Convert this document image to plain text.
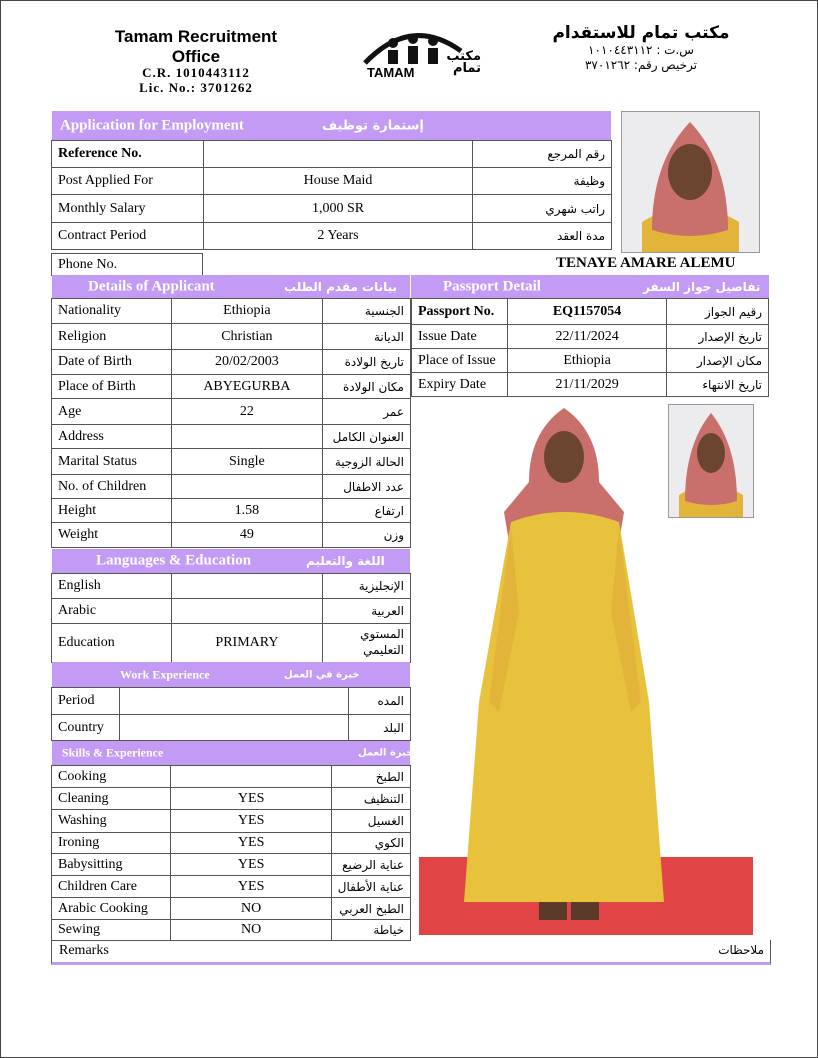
Tamam Recruitment Office
C.R. 1010443112
Lic. No.: 3701262
TAMAM
مكتب تمام
مكتب تمام للاستقدام
س.ت : ١٠١٠٤٤٣١١٢
ترخيص رقم: ٣٧٠١٢٦٢
Application for Employment	إستمارة توظيف
Reference No.		رقم المرجع
Post Applied For	House Maid	وظيفة
Monthly Salary	1,000 SR	راتب شهري
Contract Period	2 Years	مدة العقد
Phone No.	TENAYE AMARE ALEMU
Details of Applicant	بيانات مقدم الطلب
Nationality	Ethiopia	الجنسية
Religion	Christian	الديانة
Date of Birth	20/02/2003	تاريخ الولادة
Place of Birth	ABYEGURBA	مكان الولادة
Age	22	عمر
Address		العنوان الكامل
Marital Status	Single	الحالة الزوجية
No. of Children		عدد الاطفال
Height	1.58	ارتفاع
Weight	49	وزن
Passport Detail	تفاصيل جواز السفر
Passport No.	EQ1157054	رقيم الجواز
Issue Date	22/11/2024	تاريخ الإصدار
Place of Issue	Ethiopia	مكان الإصدار
Expiry Date	21/11/2029	تاريخ الانتهاء
Languages & Education	اللغة والتعليم
English		الإنجليزية
Arabic		العربية
Education	PRIMARY	المستوي التعليمي
Work Experience	خبرة في العمل
Period		المده
Country		البلد
Skills & Experience	خبرة العمل
Cooking		الطبخ
Cleaning	YES	التنظيف
Washing	YES	الغسيل
Ironing	YES	الكوي
Babysitting	YES	عناية الرضيع
Children Care	YES	عناية الأطفال
Arabic Cooking	NO	الطبخ العربي
Sewing	NO	خياطة
Remarks	ملاحظات
